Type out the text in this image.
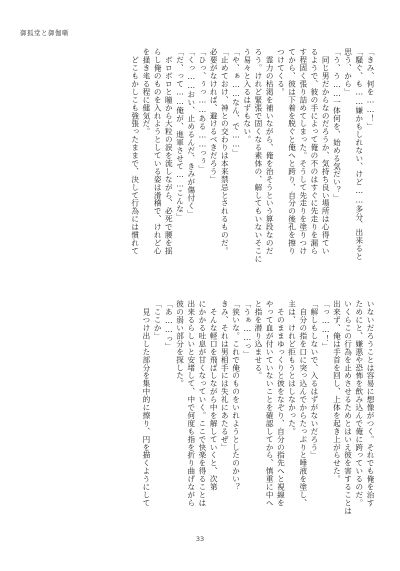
御狐堂と御伽噺
「きみ、何を……！」
「騒ぐ、も……嫌かもしれない、けど……多分、出来ると
思う、から」
「う、う……一体何を、始める気だい？」
　同じ男だからなのだろうか、気持ち良い場所は心得てい
るようで、彼の手によって俺の不のはすぐに先走りを漏ら
す程固く張り詰めてしまった。そうして先走りを塗りつけ
てから、彼は下着を脱ぐと俺へと跨り、自分の後孔を擦り
つけてくる。
　霊力の枯渇を補いながら、俺を治そうという算段なのだ
ろう。けれど緊張で固くなる素体の、解してもいないそこに
う易々と入るはずもない。
「や、ぁ……なん、で……」
「止めておけ、神との交わりは本来禁忌とされるものだ。
必要がなければ、避けるべきだろう」
「ひっ、ぅっ……ある……っぅ」
「くっ……おい、止めるんだ、きみが傷付く」
「だ、って……俺が、進軍させて……こんな」
　ボロボロと瞳から大粒の涙を流しながら、必死で腰を揺
らし俺のものを入れようとしている姿は滑稽で、けれど心
を掻き毟る程に健気だ。
　どこもかしこも強張ったままで、決して行為には慣れて
いないだろうことは容易に想像がつく。それでも俺を治す
ためにと、嫌悪や恐怖を飲み込んで俺に跨っているのだ。
いくらこの行為を止めさせるためとはいえ彼を害することは
出来ず、俺は手首を回し、上体を起き上がらせた。
「っ……！」
「解しもしないで、入るはずがないだろう」
　自分の指を口に突っ込んでからたっぷりと唾液を塗し、
主は、けれど拒もうとはしなかった。
　そのままゆっくりと彼をなぞり、自分の指先へと視線を
やって血が付いていないことを確認してから、慎重に中へ
と指を潜り込ませる。
「うぁ……っ」
「狭いな。これで俺のものをいれようとしたのかい？
きみ、それは男相手には失礼にあたるぜ」
　そんな軽口を飛ばしながら中を解していくと、次第
にかかる吐息が甘くなっていく。ここで快楽を得ることは
出来るらしいと安堵して、中で何度も指を折り曲げながら
彼の弱い部分を探した。
「あ……っ」
「ここか」
　見つけ出した部分を集中的に擦り、円を描くようにして
33
